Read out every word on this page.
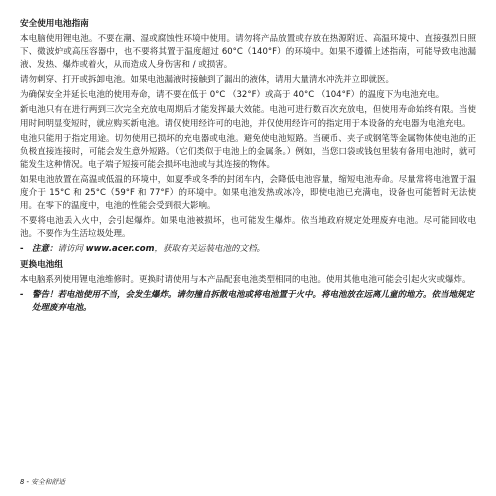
安全使用电池指南
本电脑使用锂电池。不要在潮、湿或腐蚀性环境中使用。请勿将产品放置或存放在热源附近、高温环境中、直接强烈日照下、微波炉或高压容器中，也不要将其置于温度超过 60°C（140°F）的环境中。如果不遵循上述指南，可能导致电池漏液、发热、爆炸或着火，从而造成人身伤害和 / 或损害。
请勿刺穿、打开或拆卸电池。如果电池漏液时接触到了漏出的液体，请用大量清水冲洗并立即就医。
为确保安全并延长电池的使用寿命，请不要在低于 0°C （32°F）或高于 40°C （104°F）的温度下为电池充电。
新电池只有在进行两到三次完全充放电周期后才能发挥最大效能。电池可进行数百次充放电，但使用寿命始终有限。当使用时间明显变短时，就应购买新电池。请仅使用经许可的电池，并仅使用经许可的指定用于本设备的充电器为电池充电。
电池只能用于指定用途。切勿使用已损坏的充电器或电池。避免使电池短路。当硬币、夹子或钢笔等金属物体使电池的正负极直接连接时，可能会发生意外短路。（它们类似于电池上的金属条。）例如，当您口袋或钱包里装有备用电池时，就可能发生这种情况。电子端子短接可能会损坏电池或与其连接的物体。
如果电池放置在高温或低温的环境中，如夏季或冬季的封闭车内，会降低电池容量，缩短电池寿命。尽量常将电池置于温度介于 15°C 和 25°C（59°F 和 77°F）的环境中。如果电池发热或冰冷，即使电池已充满电，设备也可能暂时无法使用。在零下的温度中，电池的性能会受到很大影响。
不要将电池丢入火中，会引起爆炸。如果电池被损坏，也可能发生爆炸。依当地政府规定处理废弃电池。尽可能回收电池。不要作为生活垃圾处理。
- 注意：请访问 www.acer.com，获取有关运装电池的文档。
更换电池组
本电脑系列使用锂电池维修时。更换时请使用与本产品配套电池类型相同的电池。使用其他电池可能会引起火灾或爆炸。
- 警告！若电池使用不当，会发生爆炸。请勿撞自拆散电池或将电池置于火中。将电池放在远离儿童的地方。依当地规定处理废弃电池。
8 - 安全和舒适
